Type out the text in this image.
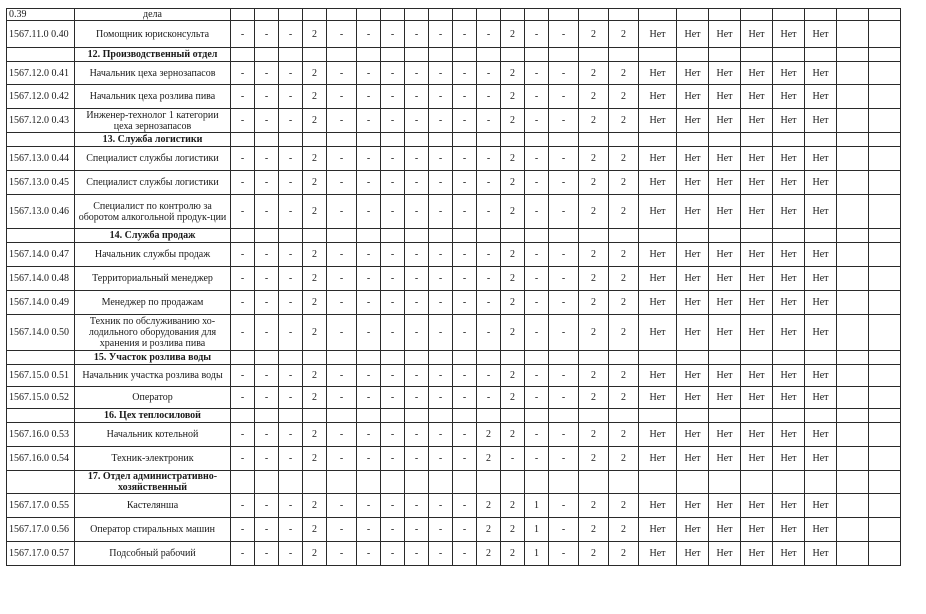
0.39	дела																								
1567.11.0 0.40	Помощник юрисконсульта	-	-	-	2	-	-	-	-	-	-	-	2	-	-	2	2	Нет	Нет	Нет	Нет	Нет	Нет		
	12. Производственный отдел																								
1567.12.0 0.41	Начальник цеха зернозапасов	-	-	-	2	-	-	-	-	-	-	-	2	-	-	2	2	Нет	Нет	Нет	Нет	Нет	Нет		
1567.12.0 0.42	Начальник цеха розлива пива	-	-	-	2	-	-	-	-	-	-	-	2	-	-	2	2	Нет	Нет	Нет	Нет	Нет	Нет		
1567.12.0 0.43	Инженер-технолог 1 категории цеха зернозапасов	-	-	-	2	-	-	-	-	-	-	-	2	-	-	2	2	Нет	Нет	Нет	Нет	Нет	Нет		
	13. Служба логистики																								
1567.13.0 0.44	Специалист службы логистики	-	-	-	2	-	-	-	-	-	-	-	2	-	-	2	2	Нет	Нет	Нет	Нет	Нет	Нет		
1567.13.0 0.45	Специалист службы логистики	-	-	-	2	-	-	-	-	-	-	-	2	-	-	2	2	Нет	Нет	Нет	Нет	Нет	Нет		
1567.13.0 0.46	Специалист по контролю за оборотом алкогольной продук-ции	-	-	-	2	-	-	-	-	-	-	-	2	-	-	2	2	Нет	Нет	Нет	Нет	Нет	Нет		
	14. Служба продаж																								
1567.14.0 0.47	Начальник службы продаж	-	-	-	2	-	-	-	-	-	-	-	2	-	-	2	2	Нет	Нет	Нет	Нет	Нет	Нет		
1567.14.0 0.48	Территориальный менеджер	-	-	-	2	-	-	-	-	-	-	-	2	-	-	2	2	Нет	Нет	Нет	Нет	Нет	Нет		
1567.14.0 0.49	Менеджер по продажам	-	-	-	2	-	-	-	-	-	-	-	2	-	-	2	2	Нет	Нет	Нет	Нет	Нет	Нет		
1567.14.0 0.50	Техник по обслуживанию хо-лодильного оборудования для хранения и розлива пива	-	-	-	2	-	-	-	-	-	-	-	2	-	-	2	2	Нет	Нет	Нет	Нет	Нет	Нет		
	15. Участок розлива воды																								
1567.15.0 0.51	Начальник участка розлива воды	-	-	-	2	-	-	-	-	-	-	-	2	-	-	2	2	Нет	Нет	Нет	Нет	Нет	Нет		
1567.15.0 0.52	Оператор	-	-	-	2	-	-	-	-	-	-	-	2	-	-	2	2	Нет	Нет	Нет	Нет	Нет	Нет		
	16. Цех теплосиловой																								
1567.16.0 0.53	Начальник котельной	-	-	-	2	-	-	-	-	-	-	2	2	-	-	2	2	Нет	Нет	Нет	Нет	Нет	Нет		
1567.16.0 0.54	Техник-электроник	-	-	-	2	-	-	-	-	-	-	2	-	-	-	2	2	Нет	Нет	Нет	Нет	Нет	Нет		
	17. Отдел административно-хозяйственный																								
1567.17.0 0.55	Кастелянша	-	-	-	2	-	-	-	-	-	-	2	2	1	-	2	2	Нет	Нет	Нет	Нет	Нет	Нет		
1567.17.0 0.56	Оператор стиральных машин	-	-	-	2	-	-	-	-	-	-	2	2	1	-	2	2	Нет	Нет	Нет	Нет	Нет	Нет		
1567.17.0 0.57	Подсобный рабочий	-	-	-	2	-	-	-	-	-	-	2	2	1	-	2	2	Нет	Нет	Нет	Нет	Нет	Нет		
